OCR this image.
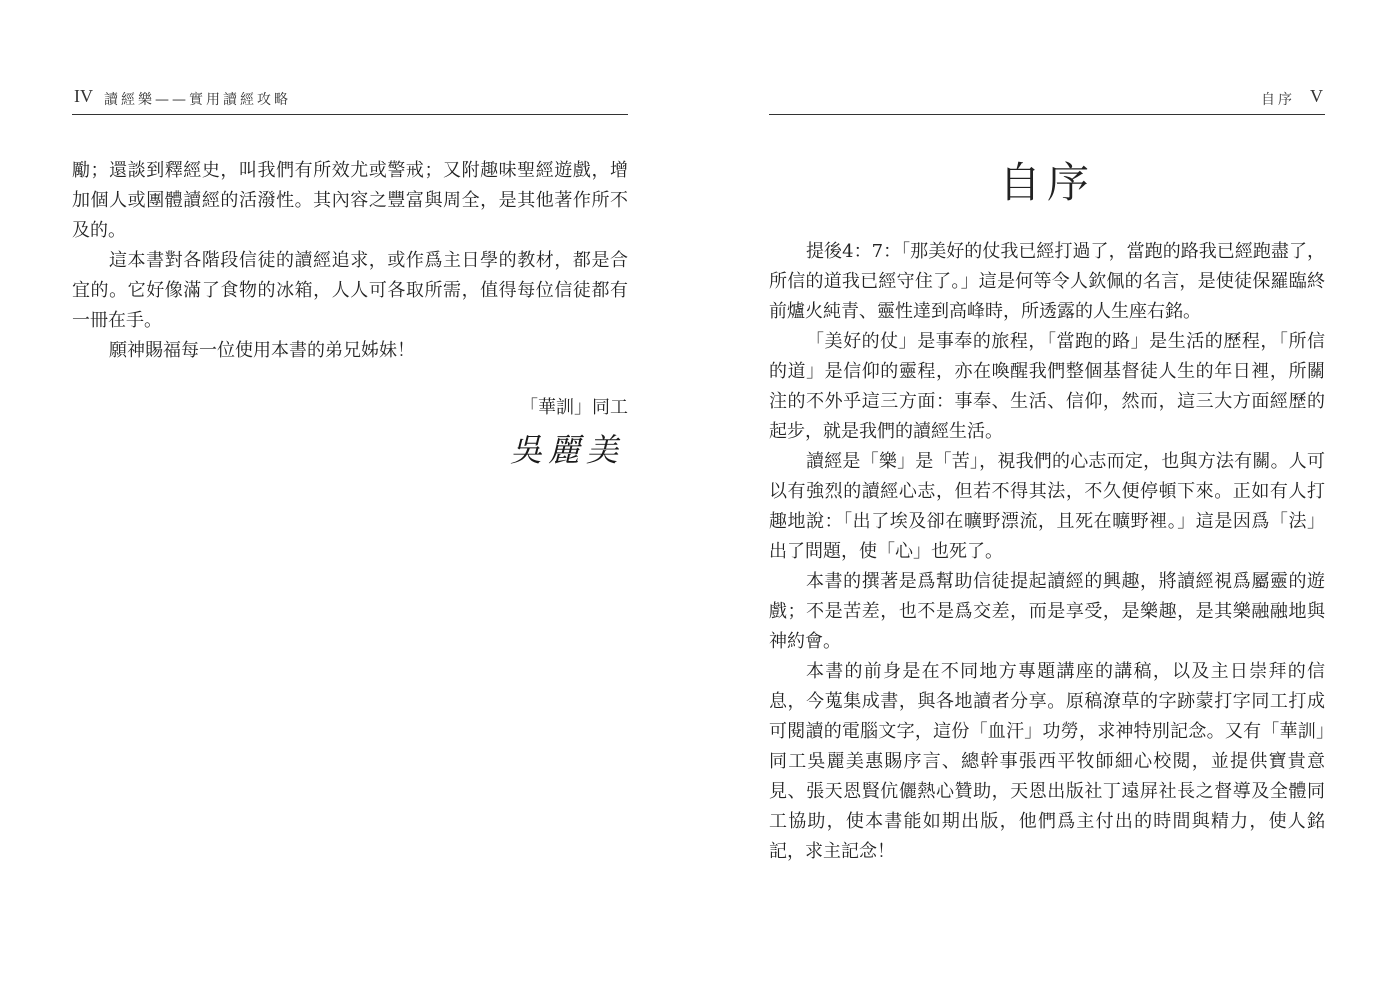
IV 讀經樂——實用讀經攻略

勵；還談到釋經史，叫我們有所效尤或警戒；又附趣味聖經遊戲，增加個人或團體讀經的活潑性。其內容之豐富與周全，是其他著作所不及的。

這本書對各階段信徒的讀經追求，或作爲主日學的教材，都是合宜的。它好像滿了食物的冰箱，人人可各取所需，值得每位信徒都有一冊在手。

願神賜福每一位使用本書的弟兄姊妹！

「華訓」同工
吳麗美
自序 V
自序

提後4：7：「那美好的仗我已經打過了，當跑的路我已經跑盡了，所信的道我已經守住了。」這是何等令人欽佩的名言，是使徒保羅臨終前爐火純青、靈性達到高峰時，所透露的人生座右銘。

「美好的仗」是事奉的旅程，「當跑的路」是生活的歷程，「所信的道」是信仰的靈程，亦在喚醒我們整個基督徒人生的年日裡，所關注的不外乎這三方面：事奉、生活、信仰，然而，這三大方面經歷的起步，就是我們的讀經生活。

讀經是「樂」是「苦」，視我們的心志而定，也與方法有關。人可以有強烈的讀經心志，但若不得其法，不久便停頓下來。正如有人打趣地說：「出了埃及卻在曠野漂流，且死在曠野裡。」這是因爲「法」出了問題，使「心」也死了。

本書的撰著是爲幫助信徒提起讀經的興趣，將讀經視爲屬靈的遊戲；不是苦差，也不是爲交差，而是享受，是樂趣，是其樂融融地與神約會。

本書的前身是在不同地方專題講座的講稿，以及主日崇拜的信息，今蒐集成書，與各地讀者分享。原稿潦草的字跡蒙打字同工打成可閱讀的電腦文字，這份「血汗」功勞，求神特別記念。又有「華訓」同工吳麗美惠賜序言、總幹事張西平牧師細心校閱，並提供寶貴意見、張天恩賢伉儷熱心贊助，天恩出版社丁遠屏社長之督導及全體同工協助，使本書能如期出版，他們爲主付出的時間與精力，使人銘記，求主記念！
